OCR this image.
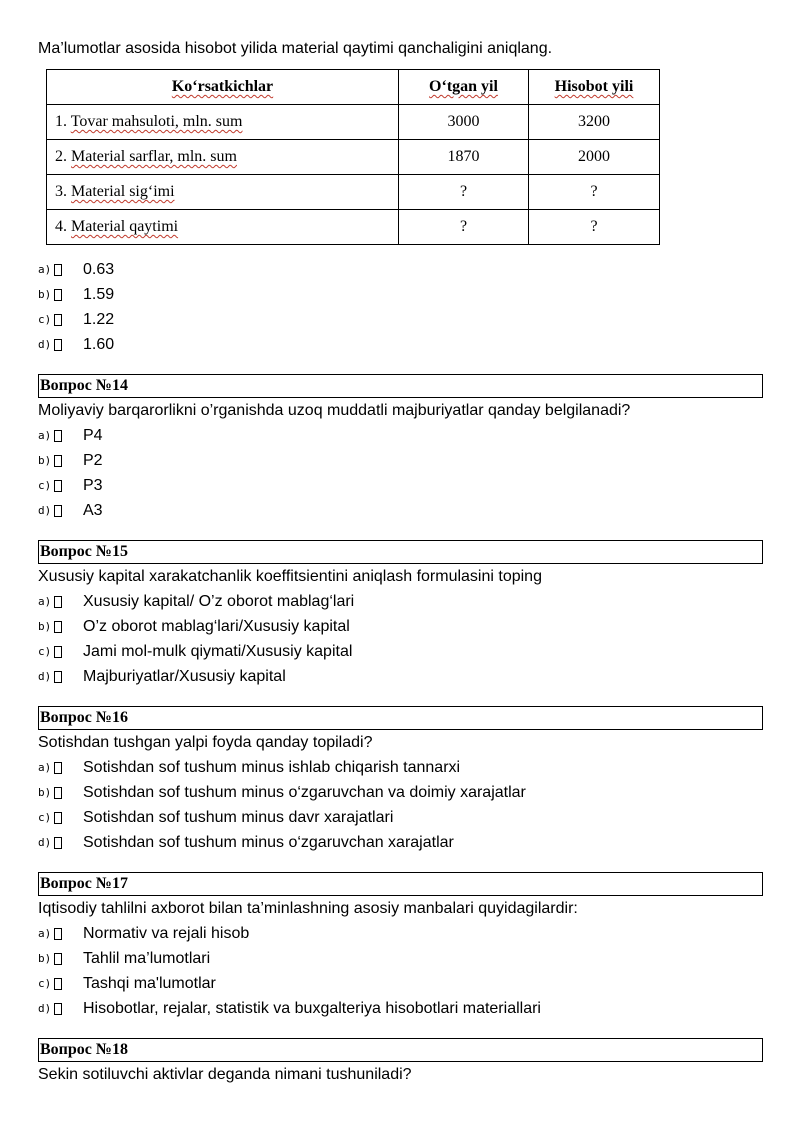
Ma’lumotlar asosida hisobot yilida material qaytimi qanchaligini aniqlang.

Ko‘rsatkichlar	O‘tgan yil	Hisobot yili
1. Tovar mahsuloti, mln. sum	3000	3200
2. Material sarflar, mln. sum	1870	2000
3. Material sig‘imi	?	?
4. Material qaytimi	?	?
a) 0.63
b) 1.59
c) 1.22
d) 1.60
Вопрос №14
Moliyaviy barqarorlikni o’rganishda uzoq muddatli majburiyatlar qanday belgilanadi?
a) P4
b) P2
c) P3
d) A3
Вопрос №15
Xususiy kapital xarakatchanlik koeffitsientini aniqlash formulasini toping
a) Xususiy kapital/ O’z oborot mablag‘lari
b) O’z oborot mablag‘lari/Xususiy kapital
c) Jami mol-mulk qiymati/Xususiy kapital
d) Majburiyatlar/Xususiy kapital
Вопрос №16
Sotishdan tushgan yalpi foyda qanday topiladi?
a) Sotishdan sof tushum minus ishlab chiqarish tannarxi
b) Sotishdan sof tushum minus o‘zgaruvchan va doimiy xarajatlar
c) Sotishdan sof tushum minus davr xarajatlari
d) Sotishdan sof tushum minus o‘zgaruvchan xarajatlar
Вопрос №17
Iqtisodiy tahlilni axborot bilan ta’minlashning asosiy manbalari quyidagilardir:
a) Normativ va rejali hisob
b) Tahlil ma’lumotlari
c) Tashqi ma'lumotlar
d) Hisobotlar, rejalar, statistik va buxgalteriya hisobotlari materiallari
Вопрос №18
Sekin sotiluvchi aktivlar deganda nimani tushuniladi?
